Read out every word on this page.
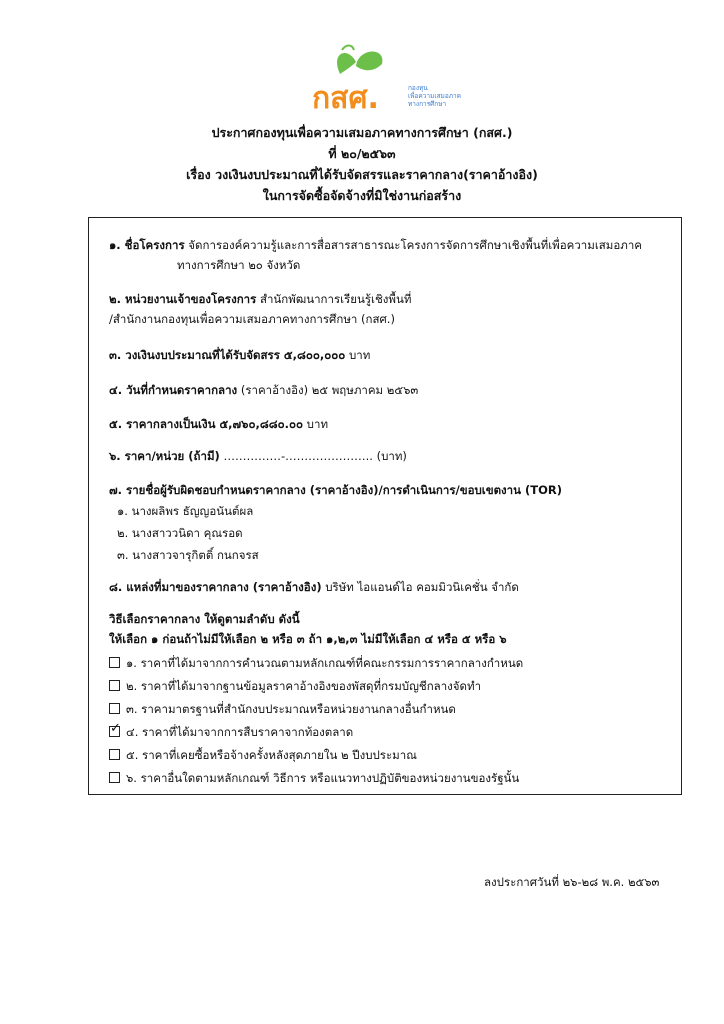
กสศ.	กองทุน
เพื่อความเสมอภาค
ทางการศึกษา
ประกาศกองทุนเพื่อความเสมอภาคทางการศึกษา (กสศ.)
ที่ ๒๐/๒๕๖๓
เรื่อง วงเงินงบประมาณที่ได้รับจัดสรรและราคากลาง(ราคาอ้างอิง)
ในการจัดซื้อจัดจ้างที่มิใช่งานก่อสร้าง
๑. ชื่อโครงการ จัดการองค์ความรู้และการสื่อสารสาธารณะโครงการจัดการศึกษาเชิงพื้นที่เพื่อความเสมอภาค
ทางการศึกษา ๒๐ จังหวัด
๒. หน่วยงานเจ้าของโครงการ สำนักพัฒนาการเรียนรู้เชิงพื้นที่
/สำนักงานกองทุนเพื่อความเสมอภาคทางการศึกษา (กสศ.)
๓. วงเงินงบประมาณที่ได้รับจัดสรร ๕,๘๐๐,๐๐๐ บาท
๔. วันที่กำหนดราคากลาง (ราคาอ้างอิง) ๒๕ พฤษภาคม ๒๕๖๓
๕. ราคากลางเป็นเงิน ๕,๗๖๐,๘๘๐.๐๐ บาท
๖. ราคา/หน่วย (ถ้ามี) ……………-………………….. (บาท)
๗. รายชื่อผู้รับผิดชอบกำหนดราคากลาง (ราคาอ้างอิง)/การดำเนินการ/ขอบเขตงาน (TOR)
๑. นางผลิพร ธัญญอนันต์ผล
๒. นางสาววนิดา คุณรอด
๓. นางสาวจารุกิตติ์ กนกจรส
๘. แหล่งที่มาของราคากลาง (ราคาอ้างอิง) บริษัท ไอแอนด์ไอ คอมมิวนิเคชั่น จำกัด
วิธีเลือกราคากลาง ให้ดูตามลำดับ ดังนี้
ให้เลือก ๑ ก่อนถ้าไม่มีให้เลือก ๒ หรือ ๓ ถ้า ๑,๒,๓ ไม่มีให้เลือก ๔ หรือ ๕ หรือ ๖
๑. ราคาที่ได้มาจากการคำนวณตามหลักเกณฑ์ที่คณะกรรมการราคากลางกำหนด
๒. ราคาที่ได้มาจากฐานข้อมูลราคาอ้างอิงของพัสดุที่กรมบัญชีกลางจัดทำ
๓. ราคามาตรฐานที่สำนักงบประมาณหรือหน่วยงานกลางอื่นกำหนด
✓ ๔. ราคาที่ได้มาจากการสืบราคาจากท้องตลาด
๕. ราคาที่เคยซื้อหรือจ้างครั้งหลังสุดภายใน ๒ ปีงบประมาณ
๖. ราคาอื่นใดตามหลักเกณฑ์ วิธีการ หรือแนวทางปฏิบัติของหน่วยงานของรัฐนั้น
ลงประกาศวันที่ ๒๖-๒๘ พ.ค. ๒๕๖๓
